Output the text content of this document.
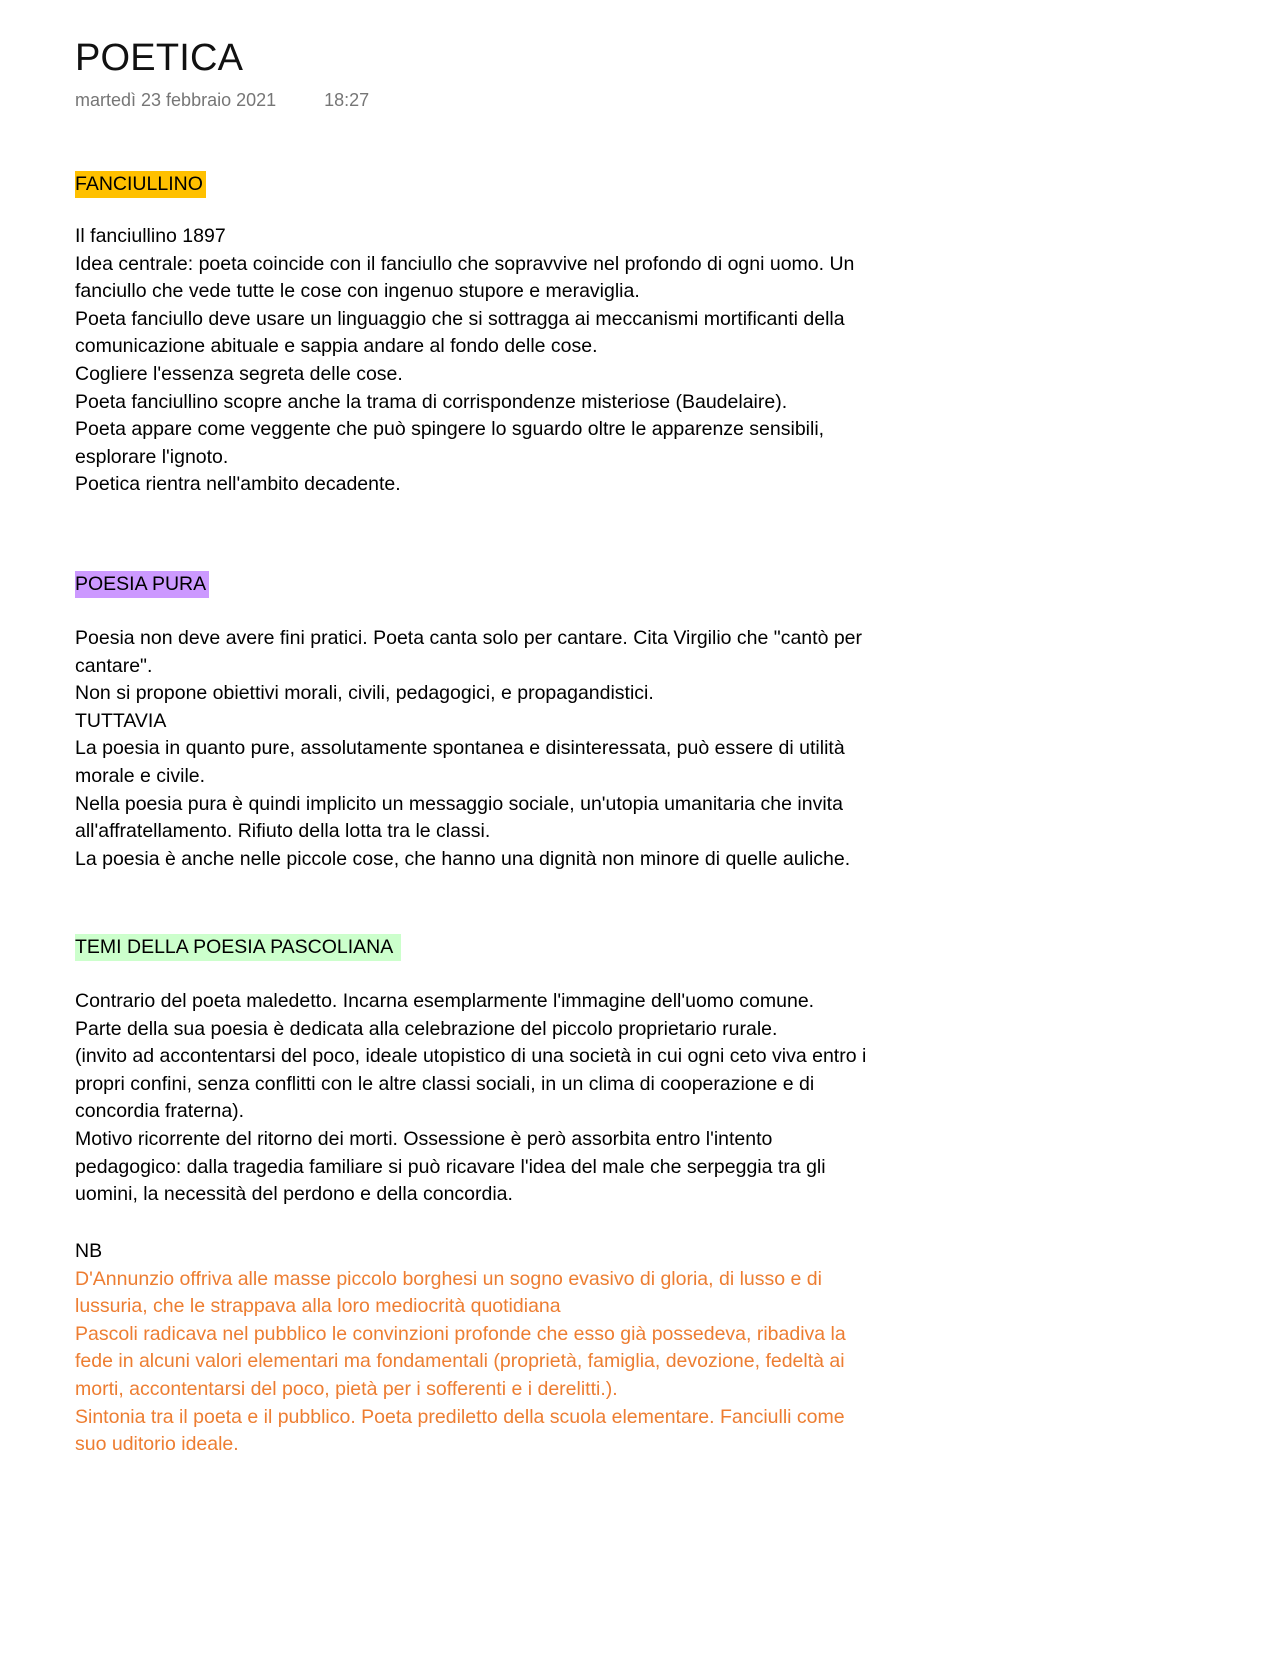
POETICA
martedì 23 febbraio 2021	18:27
FANCIULLINO
Il fanciullino 1897
Idea centrale: poeta coincide con il fanciullo che sopravvive nel profondo di ogni uomo. Un
fanciullo che vede tutte le cose con ingenuo stupore e meraviglia.
Poeta fanciullo deve usare un linguaggio che si sottragga ai meccanismi mortificanti della
comunicazione abituale e sappia andare al fondo delle cose.
Cogliere l'essenza segreta delle cose.
Poeta fanciullino scopre anche la trama di corrispondenze misteriose (Baudelaire).
Poeta appare come veggente che può spingere lo sguardo oltre le apparenze sensibili,
esplorare l'ignoto.
Poetica rientra nell'ambito decadente.
POESIA PURA
Poesia non deve avere fini pratici. Poeta canta solo per cantare. Cita Virgilio che "cantò per
cantare".
Non si propone obiettivi morali, civili, pedagogici, e propagandistici.
TUTTAVIA
La poesia in quanto pure, assolutamente spontanea e disinteressata, può essere di utilità
morale e civile.
Nella poesia pura è quindi implicito un messaggio sociale, un'utopia umanitaria che invita
all'affratellamento. Rifiuto della lotta tra le classi.
La poesia è anche nelle piccole cose, che hanno una dignità non minore di quelle auliche.
TEMI DELLA POESIA PASCOLIANA
Contrario del poeta maledetto. Incarna esemplarmente l'immagine dell'uomo comune.
Parte della sua poesia è dedicata alla celebrazione del piccolo proprietario rurale.
(invito ad accontentarsi del poco, ideale utopistico di una società in cui ogni ceto viva entro i
propri confini, senza conflitti con le altre classi sociali, in un clima di cooperazione e di
concordia fraterna).
Motivo ricorrente del ritorno dei morti. Ossessione è però assorbita entro l'intento
pedagogico: dalla tragedia familiare si può ricavare l'idea del male che serpeggia tra gli
uomini, la necessità del perdono e della concordia.
NB
D'Annunzio offriva alle masse piccolo borghesi un sogno evasivo di gloria, di lusso e di
lussuria, che le strappava alla loro mediocrità quotidiana
Pascoli radicava nel pubblico le convinzioni profonde che esso già possedeva, ribadiva la
fede in alcuni valori elementari ma fondamentali (proprietà, famiglia, devozione, fedeltà ai
morti, accontentarsi del poco, pietà per i sofferenti e i derelitti.).
Sintonia tra il poeta e il pubblico. Poeta prediletto della scuola elementare. Fanciulli come
suo uditorio ideale.
